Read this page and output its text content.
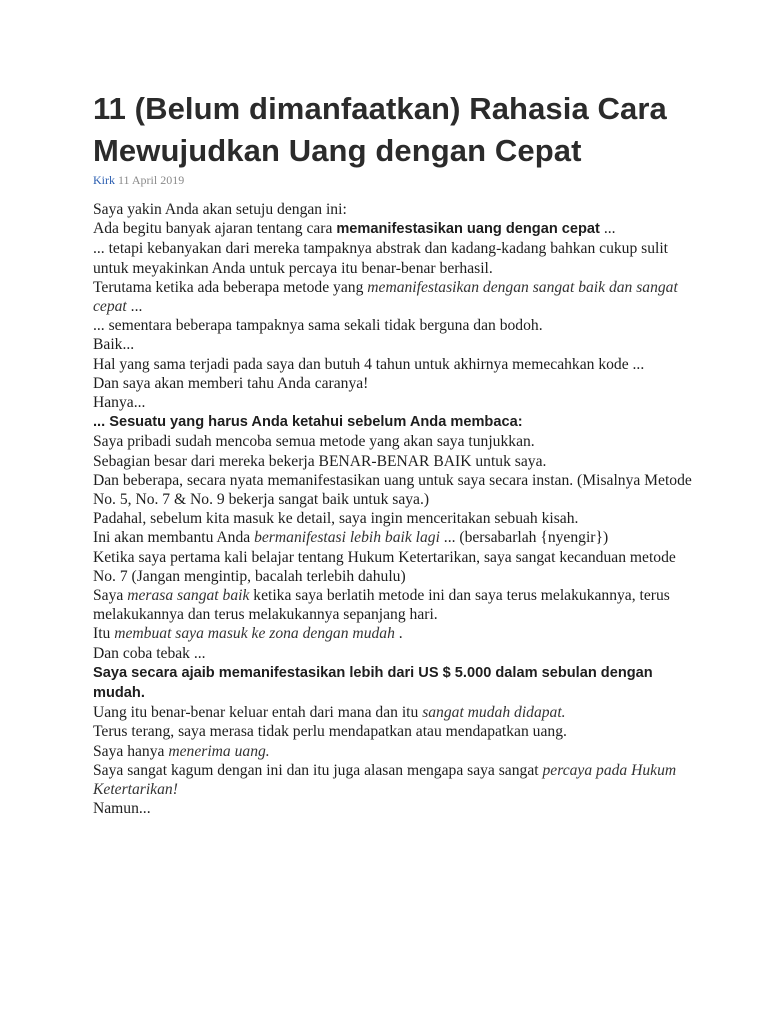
11 (Belum dimanfaatkan) Rahasia Cara Mewujudkan Uang dengan Cepat
Kirk 11 April 2019

Saya yakin Anda akan setuju dengan ini:

Ada begitu banyak ajaran tentang cara memanifestasikan uang dengan cepat ...

... tetapi kebanyakan dari mereka tampaknya abstrak dan kadang-kadang bahkan cukup sulit untuk meyakinkan Anda untuk percaya itu benar-benar berhasil.

Terutama ketika ada beberapa metode yang memanifestasikan dengan sangat baik dan sangat cepat ...

... sementara beberapa tampaknya sama sekali tidak berguna dan bodoh.

Baik...

Hal yang sama terjadi pada saya dan butuh 4 tahun untuk akhirnya memecahkan kode ...

Dan saya akan memberi tahu Anda caranya!

Hanya...

... Sesuatu yang harus Anda ketahui sebelum Anda membaca:

Saya pribadi sudah mencoba semua metode yang akan saya tunjukkan.

Sebagian besar dari mereka bekerja BENAR-BENAR BAIK untuk saya.

Dan beberapa, secara nyata memanifestasikan uang untuk saya secara instan. (Misalnya Metode No. 5, No. 7 & No. 9 bekerja sangat baik untuk saya.)

Padahal, sebelum kita masuk ke detail, saya ingin menceritakan sebuah kisah.

Ini akan membantu Anda bermanifestasi lebih baik lagi ... (bersabarlah {nyengir})

Ketika saya pertama kali belajar tentang Hukum Ketertarikan, saya sangat kecanduan metode No. 7 (Jangan mengintip, bacalah terlebih dahulu)

Saya merasa sangat baik ketika saya berlatih metode ini dan saya terus melakukannya, terus melakukannya dan terus melakukannya sepanjang hari.

Itu membuat saya masuk ke zona dengan mudah .

Dan coba tebak ...

Saya secara ajaib memanifestasikan lebih dari US $ 5.000 dalam sebulan dengan mudah.

Uang itu benar-benar keluar entah dari mana dan itu sangat mudah didapat.

Terus terang, saya merasa tidak perlu mendapatkan atau mendapatkan uang.

Saya hanya menerima uang.

Saya sangat kagum dengan ini dan itu juga alasan mengapa saya sangat percaya pada Hukum Ketertarikan!

Namun...
